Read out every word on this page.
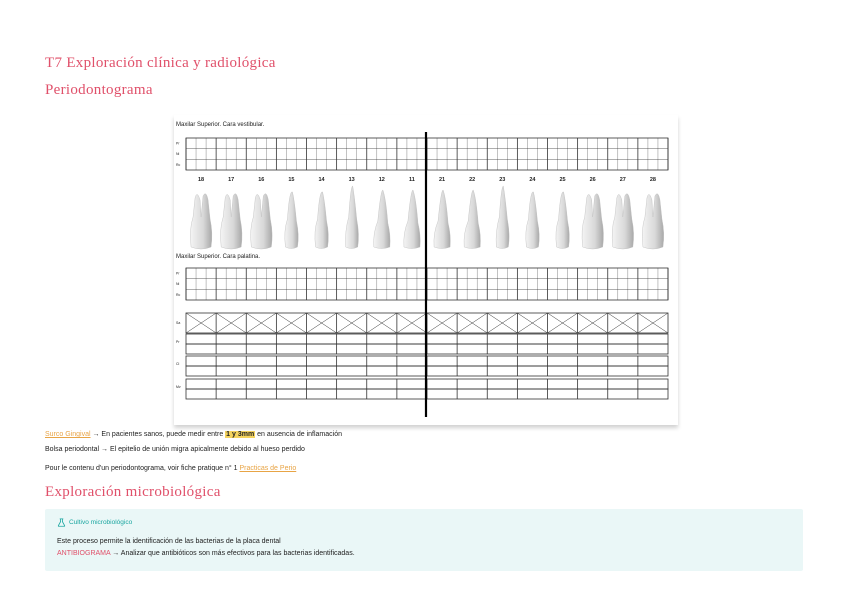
T7 Exploración clínica y radiológica
Periodontograma
Maxilar Superior. Cara vestibular.
Maxilar Superior. Cara palatina.
Pr
Ni
Rc
Pr
Ni
Rc
18	17	16	15	14	13	12	11	21	22	23	24	25	26	27	28
Sa
Pr
Cl
Mv
Surco Gingival → En pacientes sanos, puede medir entre 1 y 3mm en ausencia de inflamación
Bolsa periodontal → El epitelio de unión migra apicalmente debido al hueso perdido
Pour le contenu d'un periodontograma, voir fiche pratique n° 1 Practicas de Perio
Exploración microbiológica
Cultivo microbiológico
Este proceso permite la identificación de las bacterias de la placa dental
ANTIBIOGRAMA → Analizar que antibióticos son más efectivos para las bacterias identificadas.
